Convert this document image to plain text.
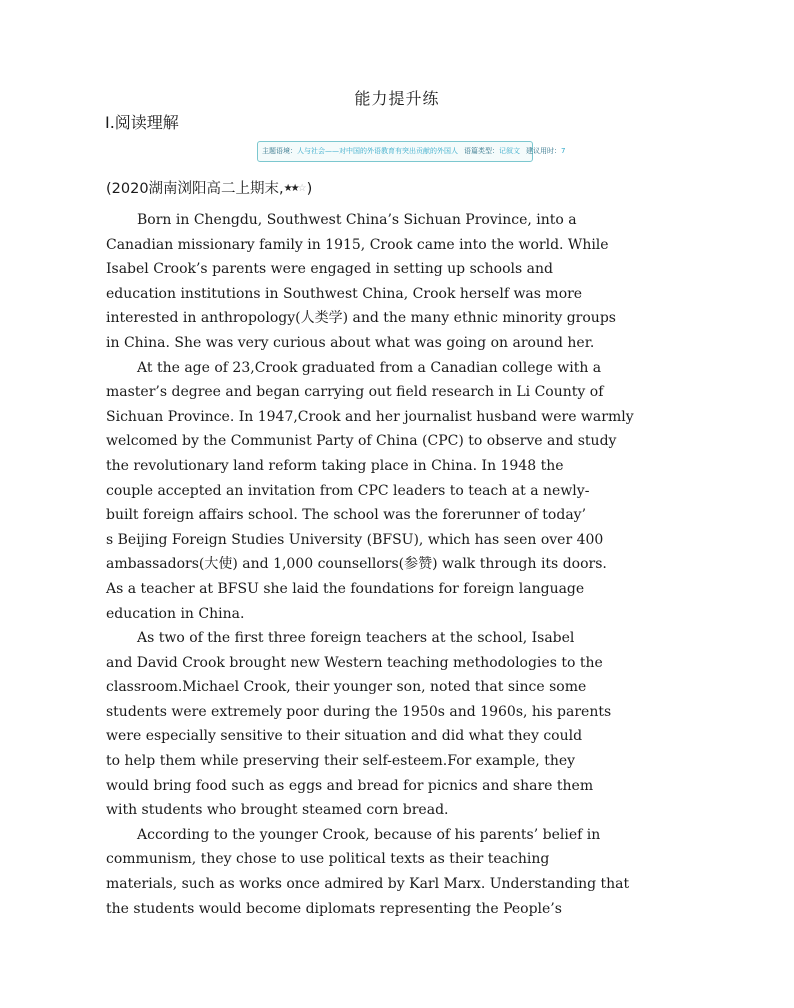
能力提升练
Ⅰ.阅读理解
主题语境： 人与社会——对中国的外语教育有突出贡献的外国人 语篇类型： 记叙文 建议用时： 7
(2020湖南浏阳高二上期末,★★☆ )
Born in Chengdu, Southwest China’s Sichuan Province, into a
Canadian missionary family in 1915, Crook came into the world. While
Isabel Crook’s parents were engaged in setting up schools and
education institutions in Southwest China, Crook herself was more
interested in anthropology(人类学) and the many ethnic minority groups
in China. She was very curious about what was going on around her.
At the age of 23,Crook graduated from a Canadian college with a
master’s degree and began carrying out field research in Li County of
Sichuan Province. In 1947,Crook and her journalist husband were warmly
welcomed by the Communist Party of China (CPC) to observe and study
the revolutionary land reform taking place in China. In 1948 the
couple accepted an invitation from CPC leaders to teach at a newly-
built foreign affairs school. The school was the forerunner of today’
s Beijing Foreign Studies University (BFSU), which has seen over 400
ambassadors(大使) and 1,000 counsellors(参赞) walk through its doors.
As a teacher at BFSU she laid the foundations for foreign language
education in China.
As two of the first three foreign teachers at the school, Isabel
and David Crook brought new Western teaching methodologies to the
classroom.Michael Crook, their younger son, noted that since some
students were extremely poor during the 1950s and 1960s, his parents
were especially sensitive to their situation and did what they could
to help them while preserving their self-esteem.For example, they
would bring food such as eggs and bread for picnics and share them
with students who brought steamed corn bread.
According to the younger Crook, because of his parents’ belief in
communism, they chose to use political texts as their teaching
materials, such as works once admired by Karl Marx. Understanding that
the students would become diplomats representing the People’s
